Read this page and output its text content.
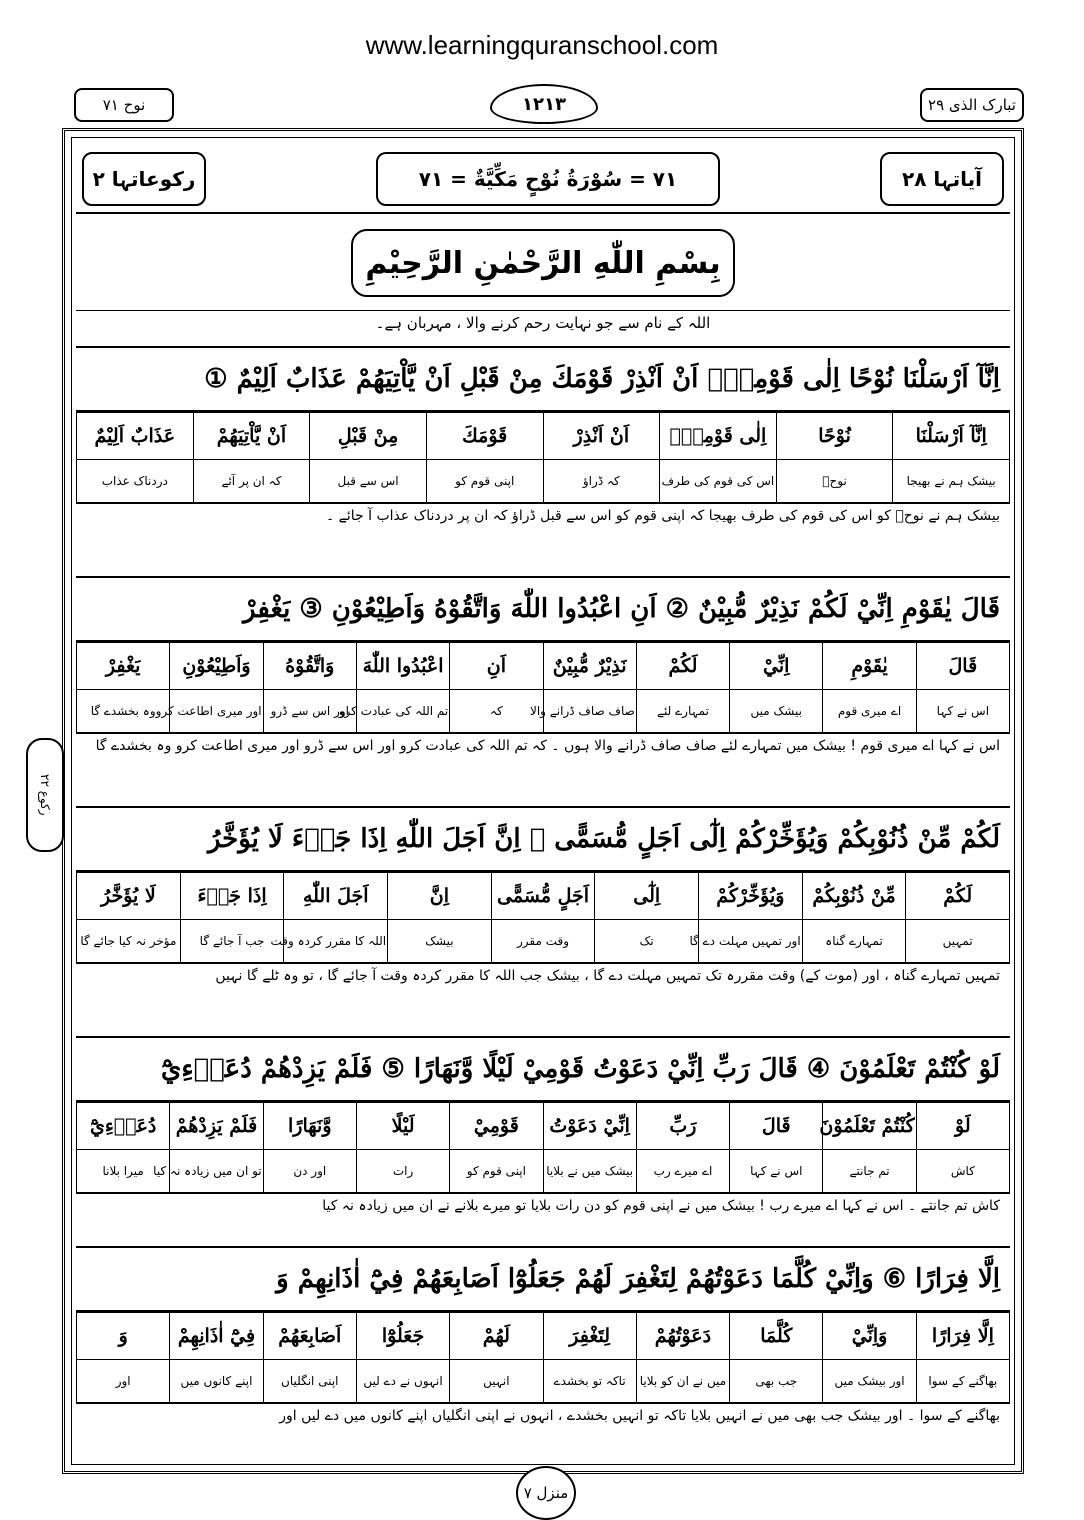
www.learningquranschool.com
تبارک الذی ٢٩
١٢١٣
نوح ٧١
رکوع ٢٢
آیاتہا ٢٨
٧١ = سُوْرَةُ نُوْحٍ مَكِّيَّةٌ = ٧١
رکوعاتہا ٢
بِسْمِ اللّٰهِ الرَّحْمٰنِ الرَّحِيْمِ
اللہ کے نام سے جو نہایت رحم کرنے والا ، مہربان ہے۔
اِنَّآ اَرْسَلْنَا نُوْحًا اِلٰى قَوْمِهٖٓ اَنْ اَنْذِرْ قَوْمَكَ مِنْ قَبْلِ اَنْ يَّاْتِيَهُمْ عَذَابٌ اَلِيْمٌ ①
اِنَّآ اَرْسَلْنَا	نُوْحًا	اِلٰى قَوْمِهٖٓ	اَنْ اَنْذِرْ	قَوْمَكَ	مِنْ قَبْلِ	اَنْ يَّاْتِيَهُمْ	عَذَابٌ اَلِيْمٌ
بیشک ہم نے بھیجا	نوحؑ	اس کی قوم کی طرف	کہ ڈراؤ	اپنی قوم کو	اس سے قبل	کہ ان پر آئے	دردناک عذاب
بیشک ہم نے نوحؑ کو اس کی قوم کی طرف بھیجا کہ اپنی قوم کو اس سے قبل ڈراؤ کہ ان پر دردناک عذاب آ جائے ۔
قَالَ يٰقَوْمِ اِنِّيْ لَكُمْ نَذِيْرٌ مُّبِيْنٌ ② اَنِ اعْبُدُوا اللّٰهَ وَاتَّقُوْهُ وَاَطِيْعُوْنِ ③ يَغْفِرْ
قَالَ	يٰقَوْمِ	اِنِّيْ	لَكُمْ	نَذِيْرٌ مُّبِيْنٌ	اَنِ	اعْبُدُوا اللّٰهَ	وَاتَّقُوْهُ	وَاَطِيْعُوْنِ	يَغْفِرْ
اس نے کہا	اے میری قوم	بیشک میں	تمہارے لئے	صاف صاف ڈرانے والا	کہ	تم اللہ کی عبادت کرو	اور اس سے ڈرو	اور میری اطاعت کرو	وہ بخشدے گا
اس نے کہا اے میری قوم ! بیشک میں تمہارے لئے صاف صاف ڈرانے والا ہوں ۔ کہ تم اللہ کی عبادت کرو اور اس سے ڈرو اور میری اطاعت کرو وہ بخشدے گا
لَكُمْ مِّنْ ذُنُوْبِكُمْ وَيُؤَخِّرْكُمْ اِلٰٓى اَجَلٍ مُّسَمًّى ۭ اِنَّ اَجَلَ اللّٰهِ اِذَا جَاۗءَ لَا يُؤَخَّرُ
لَكُمْ	مِّنْ ذُنُوْبِكُمْ	وَيُؤَخِّرْكُمْ	اِلٰٓى	اَجَلٍ مُّسَمًّى	اِنَّ	اَجَلَ اللّٰهِ	اِذَا جَاۗءَ	لَا يُؤَخَّرُ
تمہیں	تمہارے گناہ	اور تمہیں مہلت دے گا	تک	وقت مقرر	بیشک	اللہ کا مقرر کردہ وقت	جب آ جائے گا	مؤخر نہ کیا جائے گا
تمہیں تمہارے گناہ ، اور (موت کے) وقت مقررہ تک تمہیں مہلت دے گا ، بیشک جب اللہ کا مقرر کردہ وقت آ جائے گا ، تو وہ ٹلے گا نہیں
لَوْ كُنْتُمْ تَعْلَمُوْنَ ④ قَالَ رَبِّ اِنِّيْ دَعَوْتُ قَوْمِيْ لَيْلًا وَّنَهَارًا ⑤ فَلَمْ يَزِدْهُمْ دُعَاۗءِيْٓ
لَوْ	كُنْتُمْ تَعْلَمُوْنَ	قَالَ	رَبِّ	اِنِّيْ دَعَوْتُ	قَوْمِيْ	لَيْلًا	وَّنَهَارًا	فَلَمْ يَزِدْهُمْ	دُعَاۗءِيْٓ
کاش	تم جانتے	اس نے کہا	اے میرے رب	بیشک میں نے بلایا	اپنی قوم کو	رات	اور دن	تو ان میں زیادہ نہ کیا	میرا بلانا
کاش تم جانتے ۔ اس نے کہا اے میرے رب ! بیشک میں نے اپنی قوم کو دن رات بلایا تو میرے بلانے نے ان میں زیادہ نہ کیا
اِلَّا فِرَارًا ⑥ وَاِنِّيْ كُلَّمَا دَعَوْتُهُمْ لِتَغْفِرَ لَهُمْ جَعَلُوْٓا اَصَابِعَهُمْ فِيْٓ اٰذَانِهِمْ وَ
اِلَّا فِرَارًا	وَاِنِّيْ	كُلَّمَا	دَعَوْتُهُمْ	لِتَغْفِرَ	لَهُمْ	جَعَلُوْٓا	اَصَابِعَهُمْ	فِيْٓ اٰذَانِهِمْ	وَ
بھاگنے کے سوا	اور بیشک میں	جب بھی	میں نے ان کو بلایا	تاکہ تو بخشدے	انہیں	انہوں نے دے لیں	اپنی انگلیاں	اپنے کانوں میں	اور
بھاگنے کے سوا ۔ اور بیشک جب بھی میں نے انہیں بلایا تاکہ تو انہیں بخشدے ، انہوں نے اپنی انگلیاں اپنے کانوں میں دے لیں اور
منزل ٧
